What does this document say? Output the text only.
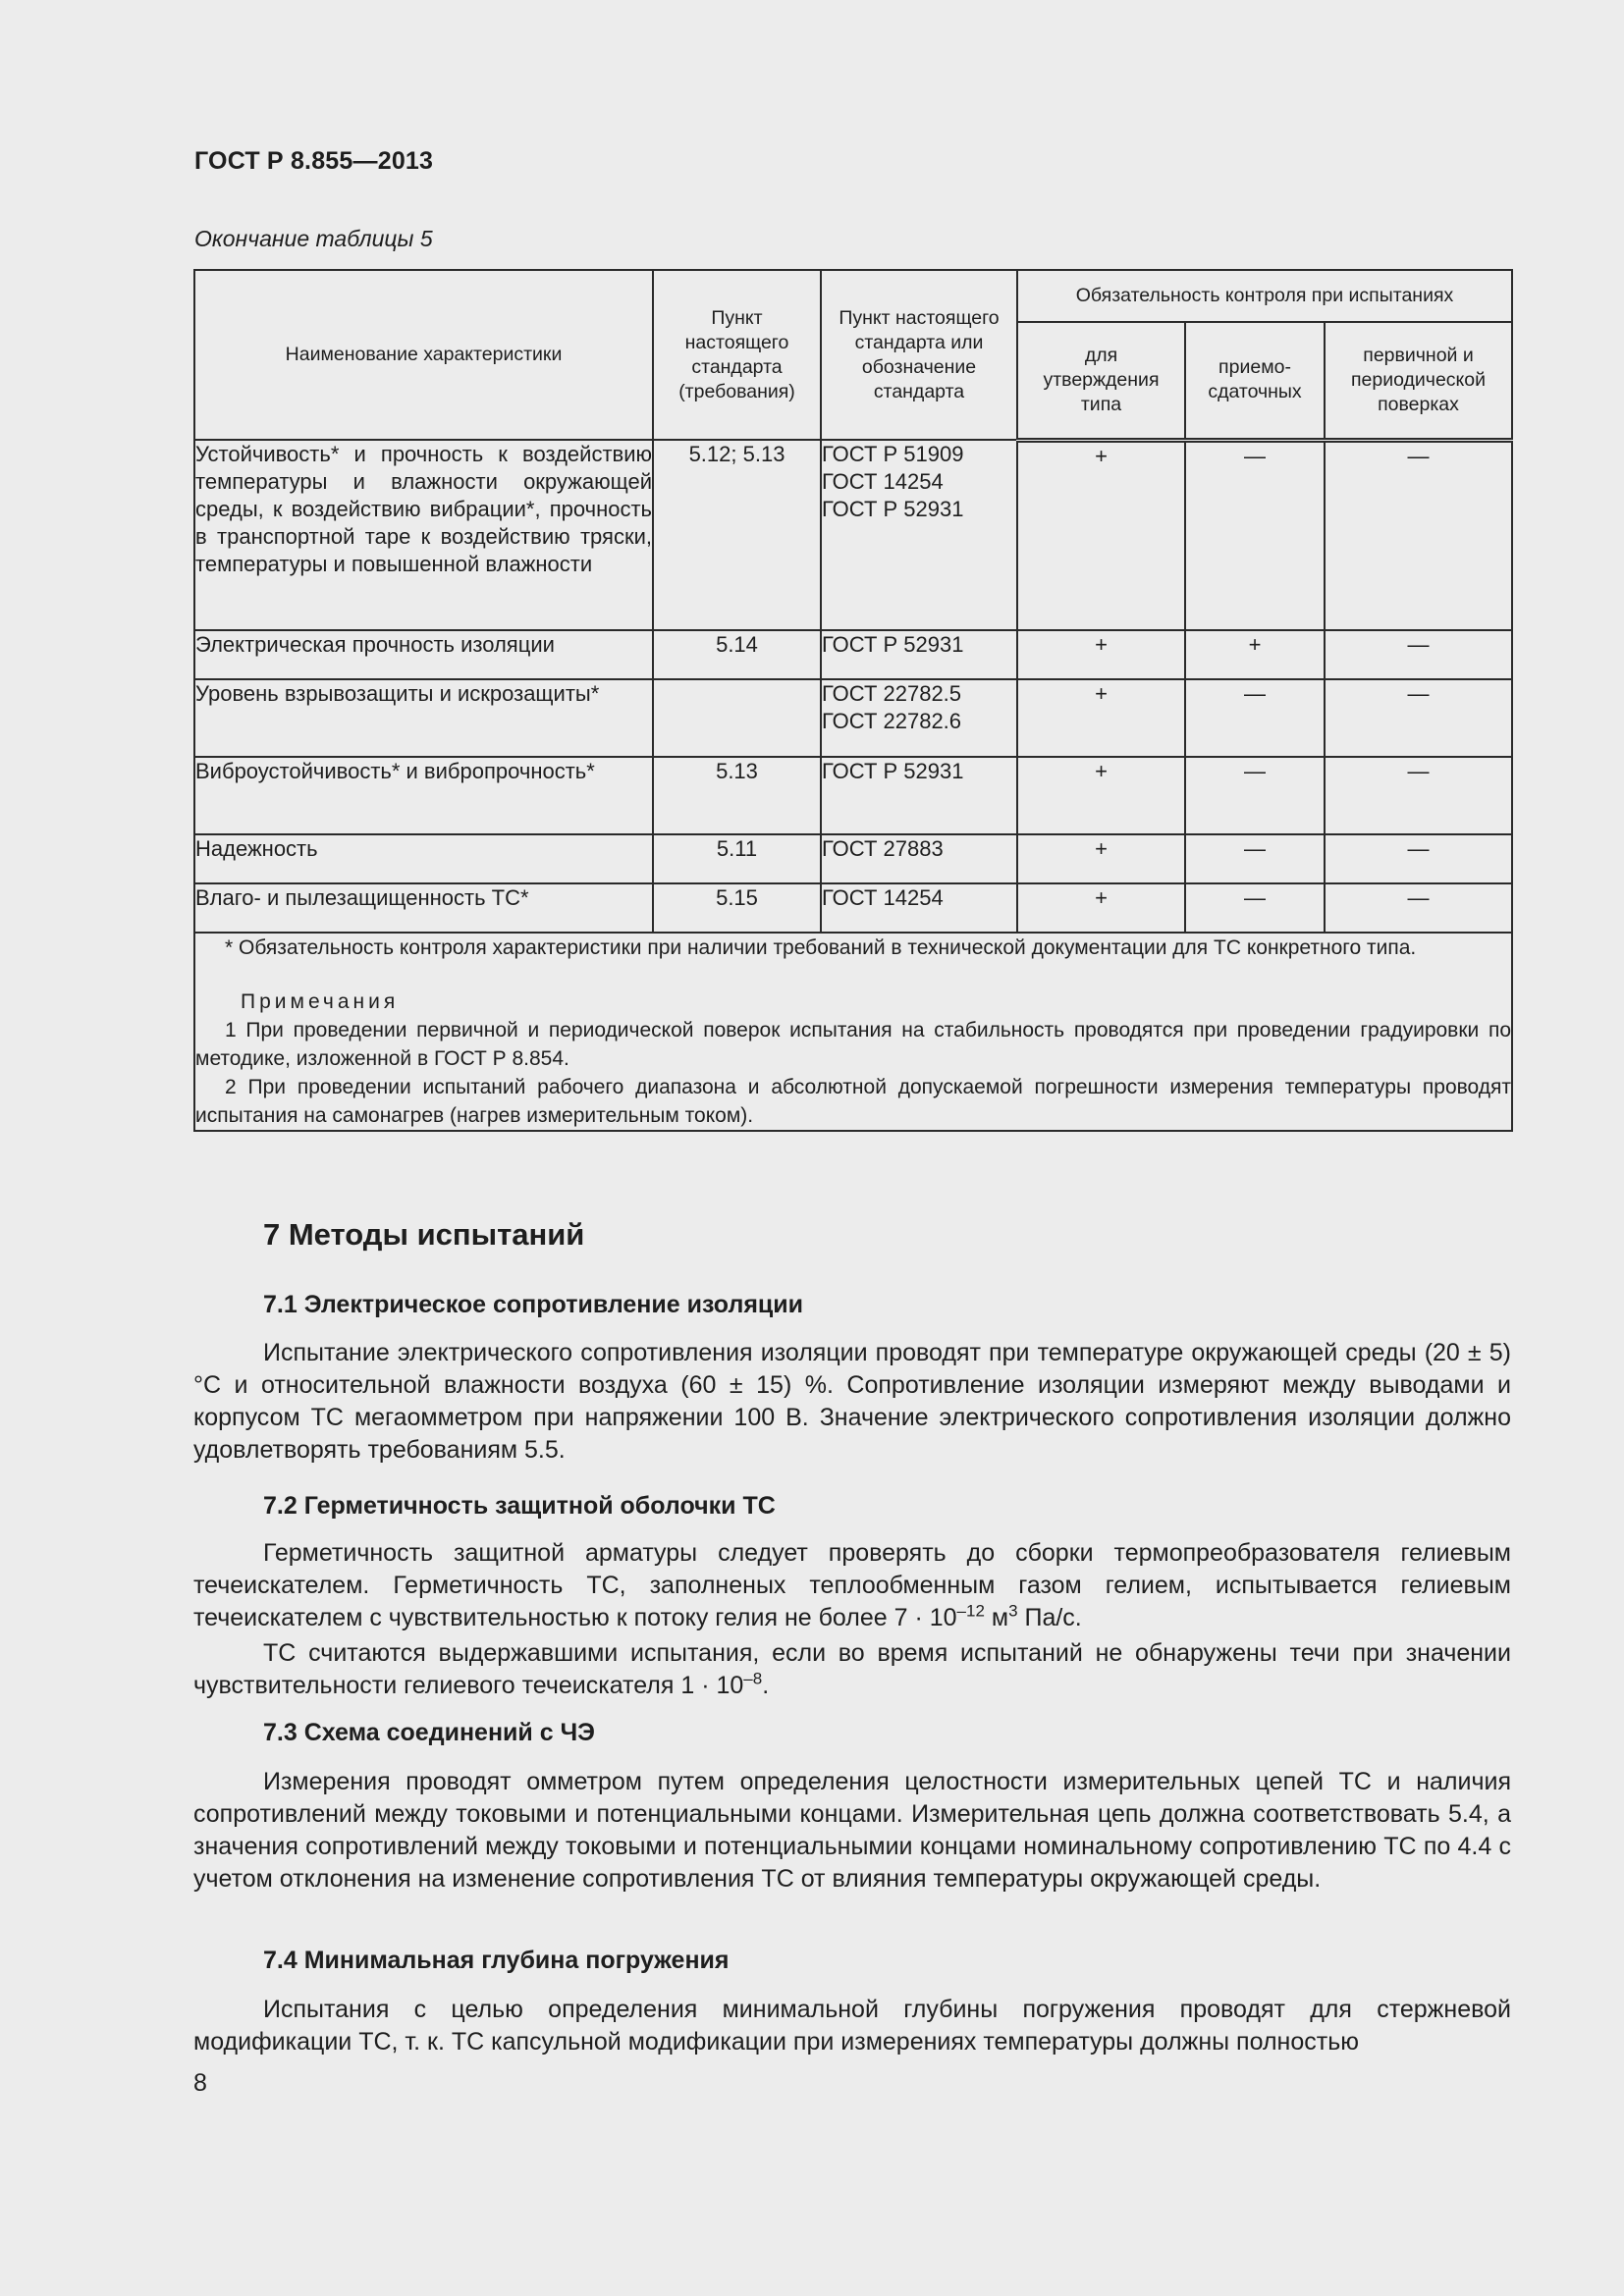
ГОСТ Р 8.855—2013
Окончание таблицы 5
Наименование характеристики	Пункт настоящего стандарта (требования)	Пункт настоящего стандарта или обозначение стандарта	Обязательность контроля при испытаниях		
			для утверждения типа	приемо-сдаточных	первичной и периодической поверках
Устойчивость* и прочность к воздействию температуры и влажности окружающей среды, к воздействию вибрации*, прочность в транспортной таре к воздействию тряски, температуры и повышенной влажности	5.12; 5.13	ГОСТ Р 51909
ГОСТ 14254
ГОСТ Р 52931	+	—	—
Электрическая прочность изоляции	5.14	ГОСТ Р 52931	+	+	—
Уровень взрывозащиты и искрозащиты*		ГОСТ 22782.5
ГОСТ 22782.6	+	—	—
Виброустойчивость* и вибропрочность*	5.13	ГОСТ Р 52931	+	—	—
Надежность	5.11	ГОСТ 27883	+	—	—
Влаго- и пылезащищенность ТС*	5.15	ГОСТ 14254	+	—	—

* Обязательность контроля характеристики при наличии требований в технической документации для ТС конкретного типа.
Примечания
1 При проведении первичной и периодической поверок испытания на стабильность проводятся при проведении градуировки по методике, изложенной в ГОСТ Р 8.854.
2 При проведении испытаний рабочего диапазона и абсолютной допускаемой погрешности измерения температуры проводят испытания на самонагрев (нагрев измерительным током).					
7 Методы испытаний
7.1 Электрическое сопротивление изоляции
Испытание электрического сопротивления изоляции проводят при температуре окружающей среды (20 ± 5) °С и относительной влажности воздуха (60 ± 15) %. Сопротивление изоляции измеряют между выводами и корпусом ТС мегаомметром при напряжении 100 В. Значение электрического сопротивления изоляции должно удовлетворять требованиям 5.5.
7.2 Герметичность защитной оболочки ТС
Герметичность защитной арматуры следует проверять до сборки термопреобразователя гелиевым течеискателем. Герметичность ТС, заполненых теплообменным газом гелием, испытывается гелиевым течеискателем с чувствительностью к потоку гелия не более $7 \cdot 10^{-12}$ $м^3$ Па/с.
ТС считаются выдержавшими испытания, если во время испытаний не обнаружены течи при значении чувствительности гелиевого течеискателя $1 \cdot 10^{-8}$.
7.3 Схема соединений с ЧЭ
Измерения проводят омметром путем определения целостности измерительных цепей ТС и наличия сопротивлений между токовыми и потенциальными концами. Измерительная цепь должна соответствовать 5.4, а значения сопротивлений между токовыми и потенциальнымии концами номинальному сопротивлению ТС по 4.4 с учетом отклонения на изменение сопротивления ТС от влияния температуры окружающей среды.
7.4 Минимальная глубина погружения
Испытания с целью определения минимальной глубины погружения проводят для стержневой модификации ТС, т. к. ТС капсульной модификации при измерениях температуры должны полностью
8
